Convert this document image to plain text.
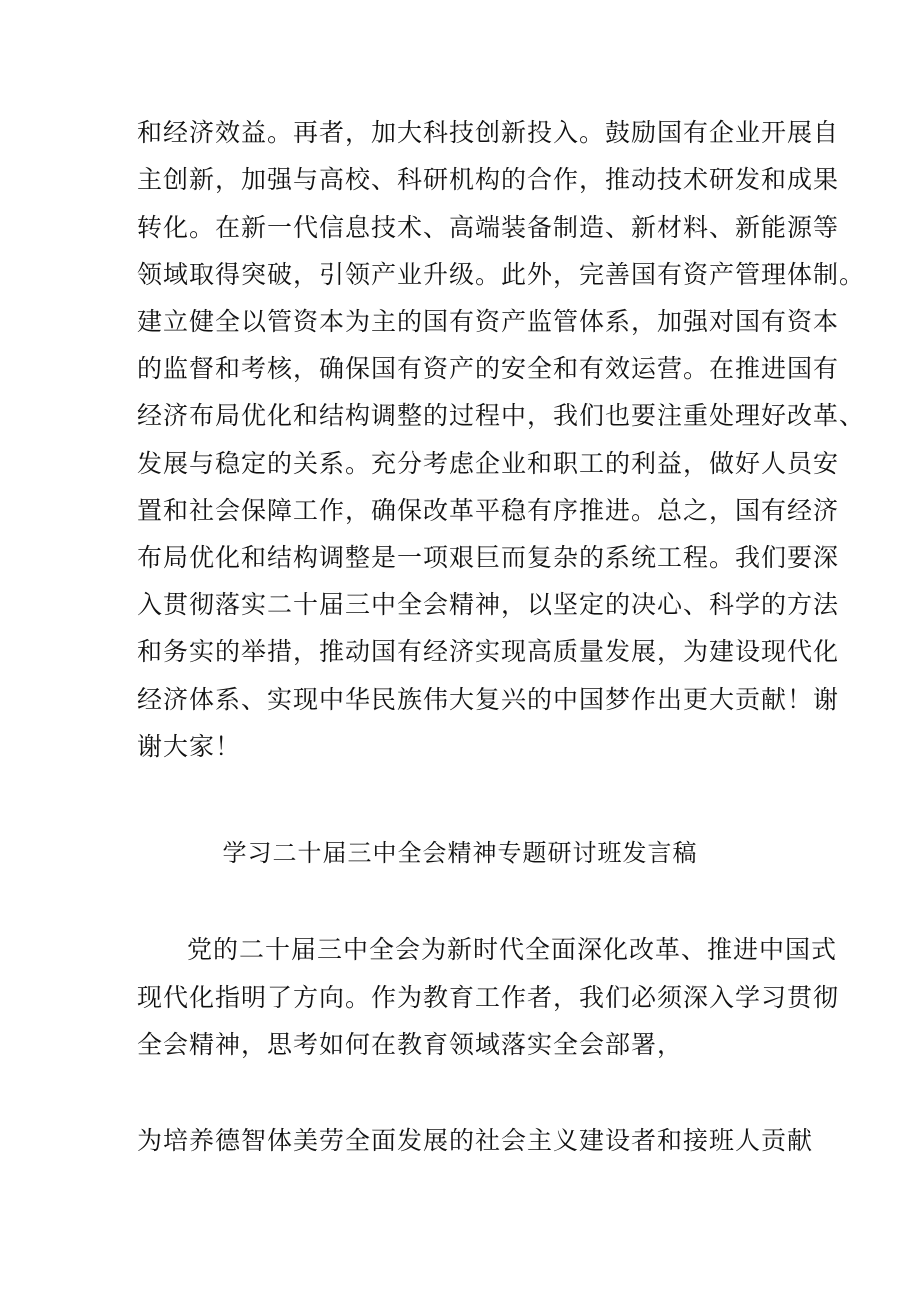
和经济效益。再者，加大科技创新投入。鼓励国有企业开展自
主创新，加强与高校、科研机构的合作，推动技术研发和成果
转化。在新一代信息技术、高端装备制造、新材料、新能源等
领域取得突破，引领产业升级。此外，完善国有资产管理体制。
建立健全以管资本为主的国有资产监管体系，加强对国有资本
的监督和考核，确保国有资产的安全和有效运营。在推进国有
经济布局优化和结构调整的过程中，我们也要注重处理好改革、
发展与稳定的关系。充分考虑企业和职工的利益，做好人员安
置和社会保障工作，确保改革平稳有序推进。总之，国有经济
布局优化和结构调整是一项艰巨而复杂的系统工程。我们要深
入贯彻落实二十届三中全会精神，以坚定的决心、科学的方法
和务实的举措，推动国有经济实现高质量发展，为建设现代化
经济体系、实现中华民族伟大复兴的中国梦作出更大贡献！谢
谢大家！
学习二十届三中全会精神专题研讨班发言稿
党的二十届三中全会为新时代全面深化改革、推进中国式
现代化指明了方向。作为教育工作者，我们必须深入学习贯彻
全会精神，思考如何在教育领域落实全会部署，
为培养德智体美劳全面发展的社会主义建设者和接班人贡献
